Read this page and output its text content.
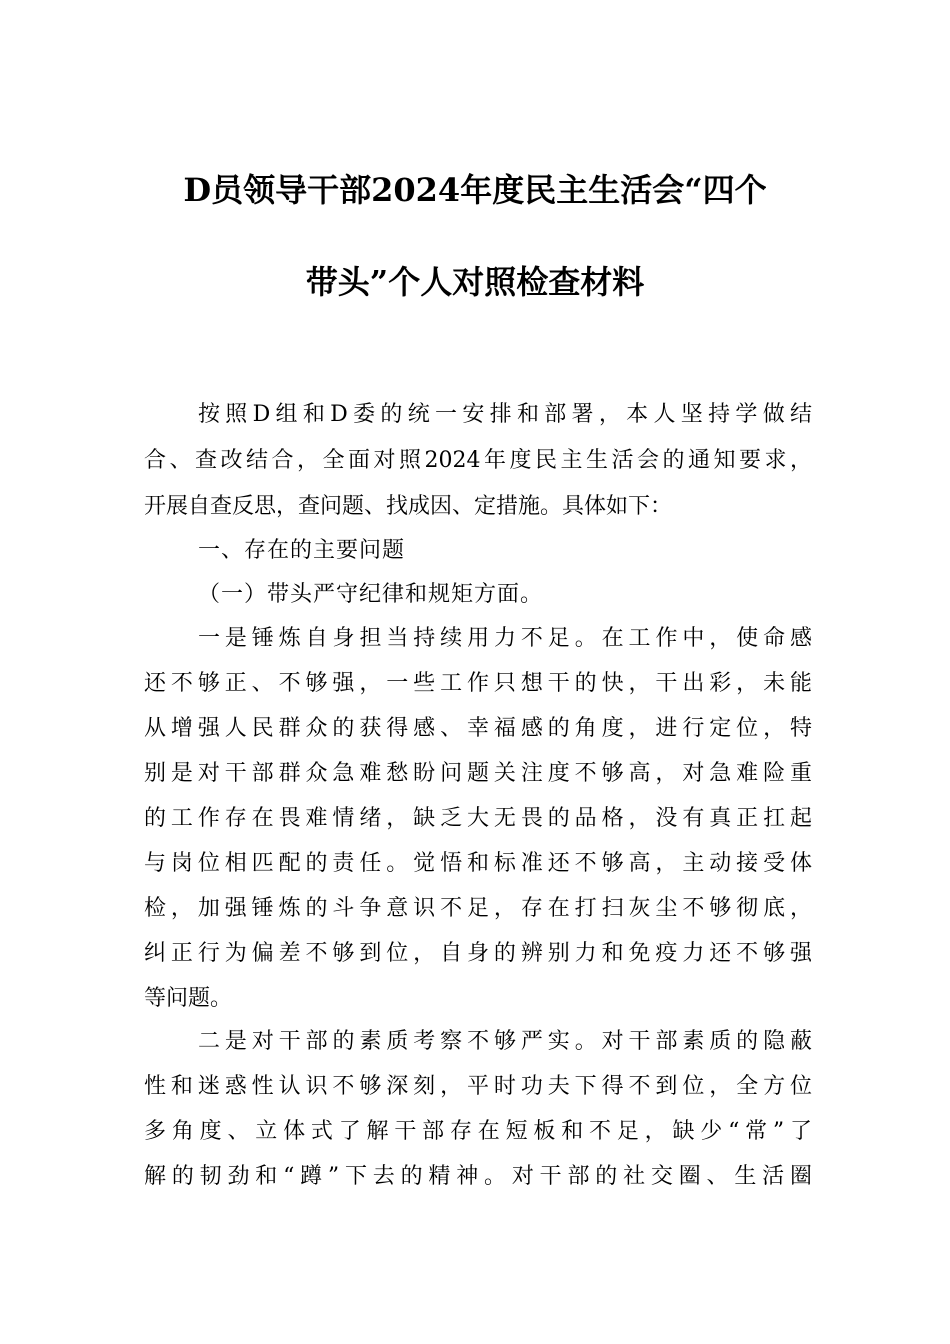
D员领导干部2024年度民主生活会“四个
带头”个人对照检查材料
按照D组和D委的统一安排和部署，本人坚持学做结
合、查改结合，全面对照2024年度民主生活会的通知要求，
开展自查反思，查问题、找成因、定措施。具体如下：
一、存在的主要问题
（一）带头严守纪律和规矩方面。
一是锤炼自身担当持续用力不足。在工作中，使命感
还不够正、不够强，一些工作只想干的快，干出彩，未能
从增强人民群众的获得感、幸福感的角度，进行定位，特
别是对干部群众急难愁盼问题关注度不够高，对急难险重
的工作存在畏难情绪，缺乏大无畏的品格，没有真正扛起
与岗位相匹配的责任。觉悟和标准还不够高，主动接受体
检，加强锤炼的斗争意识不足，存在打扫灰尘不够彻底，
纠正行为偏差不够到位，自身的辨别力和免疫力还不够强
等问题。
二是对干部的素质考察不够严实。对干部素质的隐蔽
性和迷惑性认识不够深刻，平时功夫下得不到位，全方位
多角度、立体式了解干部存在短板和不足，缺少“常”了
解的韧劲和“蹲”下去的精神。对干部的社交圈、生活圈
